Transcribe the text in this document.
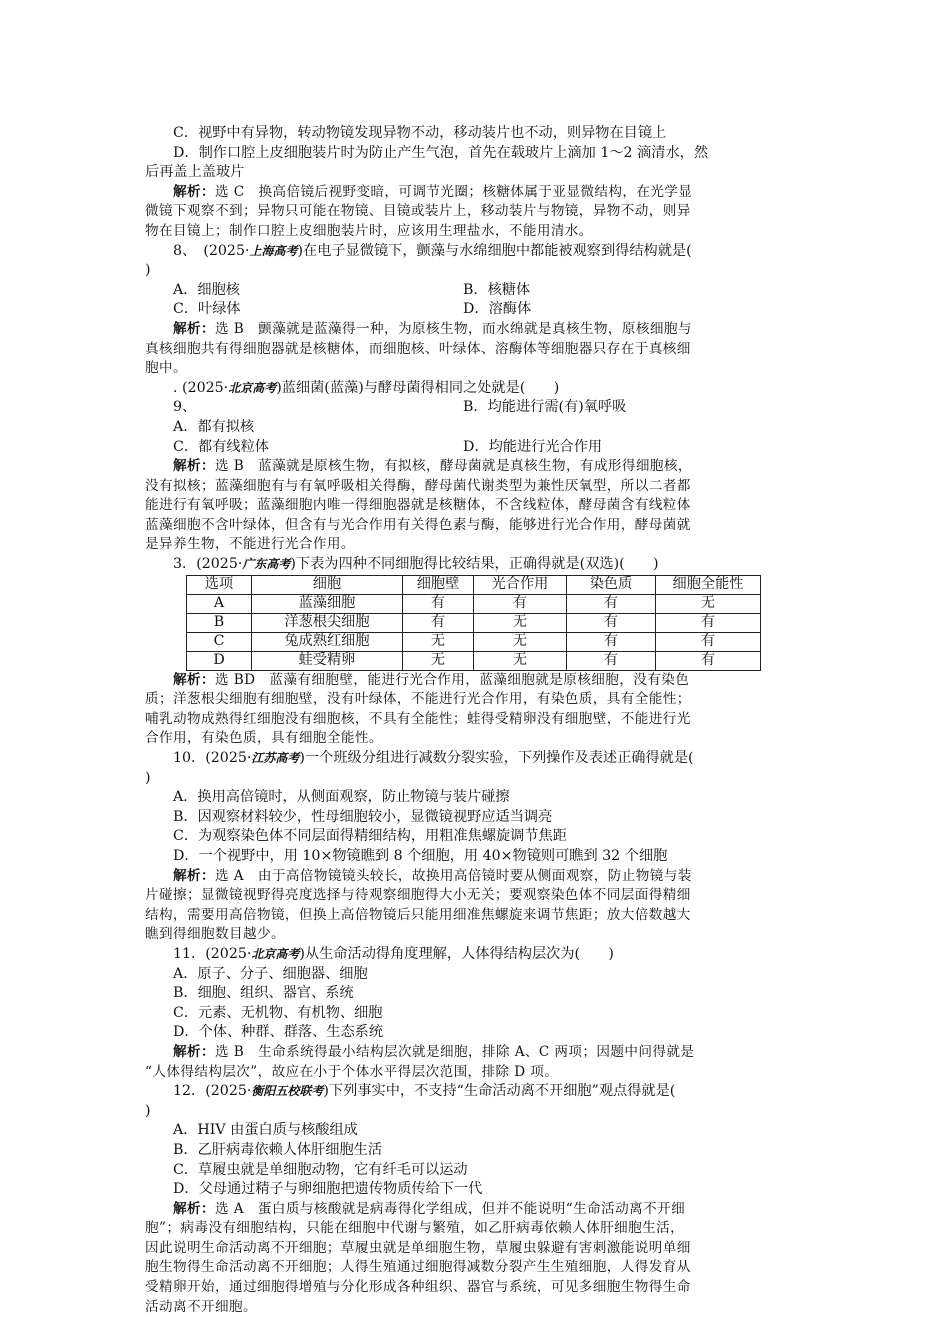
C．视野中有异物，转动物镜发现异物不动，移动装片也不动，则异物在目镜上
D．制作口腔上皮细胞装片时为防止产生气泡，首先在载玻片上滴加 1～2 滴清水，然
后再盖上盖玻片
解析：选 C　换高倍镜后视野变暗，可调节光圈；核糖体属于亚显微结构，在光学显
微镜下观察不到；异物只可能在物镜、目镜或装片上，移动装片与物镜，异物不动，则异
物在目镜上；制作口腔上皮细胞装片时，应该用生理盐水，不能用清水。
8、　 (2025·上海高考)在电子显微镜下，颤藻与水绵细胞中都能被观察到得结构就是(
)
A．细胞核	B．核糖体
C．叶绿体	D．溶酶体
解析：选 B　颤藻就是蓝藻得一种，为原核生物，而水绵就是真核生物，原核细胞与
真核细胞共有得细胞器就是核糖体，而细胞核、叶绿体、溶酶体等细胞器只存在于真核细
胞中。
. (2025·北京高考)蓝细菌(蓝藻)与酵母菌得相同之处就是(　　)
9、A．都有拟核
B．均能进行需(有)氧呼吸
C．都有线粒体	D．均能进行光合作用
解析：选 B　蓝藻就是原核生物，有拟核，酵母菌就是真核生物，有成形得细胞核，
没有拟核；蓝藻细胞有与有氧呼吸相关得酶，酵母菌代谢类型为兼性厌氧型，所以二者都
能进行有氧呼吸；蓝藻细胞内唯一得细胞器就是核糖体，不含线粒体，酵母菌含有线粒体
蓝藻细胞不含叶绿体，但含有与光合作用有关得色素与酶，能够进行光合作用，酵母菌就
是异养生物，不能进行光合作用。
3．(2025·广东高考)下表为四种不同细胞得比较结果，正确得就是(双选)(　　)
选项	细胞	细胞壁	光合作用	染色质	细胞全能性
A	蓝藻细胞	有	有	有	无
B	洋葱根尖细胞	有	无	有	有
C	兔成熟红细胞	无	无	有	有
D	蛙受精卵	无	无	有	有
解析：选 BD　蓝藻有细胞壁，能进行光合作用，蓝藻细胞就是原核细胞，没有染色
质；洋葱根尖细胞有细胞壁，没有叶绿体，不能进行光合作用，有染色质，具有全能性；
哺乳动物成熟得红细胞没有细胞核，不具有全能性；蛙得受精卵没有细胞壁，不能进行光
合作用，有染色质，具有细胞全能性。
10．(2025·江苏高考)一个班级分组进行减数分裂实验，下列操作及表述正确得就是(
)
A．换用高倍镜时，从侧面观察，防止物镜与装片碰擦
B．因观察材料较少，性母细胞较小，显微镜视野应适当调亮
C．为观察染色体不同层面得精细结构，用粗准焦螺旋调节焦距
D．一个视野中，用 10×物镜瞧到 8 个细胞，用 40×物镜则可瞧到 32 个细胞
解析：选 A　由于高倍物镜镜头较长，故换用高倍镜时要从侧面观察，防止物镜与装
片碰擦；显微镜视野得亮度选择与待观察细胞得大小无关；要观察染色体不同层面得精细
结构，需要用高倍物镜，但换上高倍物镜后只能用细准焦螺旋来调节焦距；放大倍数越大
瞧到得细胞数目越少。
11．(2025·北京高考)从生命活动得角度理解，人体得结构层次为(　　)
A．原子、分子、细胞器、细胞
B．细胞、组织、器官、系统
C．元素、无机物、有机物、细胞
D．个体、种群、群落、生态系统
解析：选 B　生命系统得最小结构层次就是细胞，排除 A、C 两项；因题中问得就是
“人体得结构层次”，故应在小于个体水平得层次范围，排除 D 项。
12．(2025·衡阳五校联考)下列事实中，不支持“生命活动离不开细胞”观点得就是(
)
A．HIV 由蛋白质与核酸组成
B．乙肝病毒依赖人体肝细胞生活
C．草履虫就是单细胞动物，它有纤毛可以运动
D．父母通过精子与卵细胞把遗传物质传给下一代
解析：选 A　蛋白质与核酸就是病毒得化学组成，但并不能说明“生命活动离不开细
胞”；病毒没有细胞结构，只能在细胞中代谢与繁殖，如乙肝病毒依赖人体肝细胞生活，
因此说明生命活动离不开细胞；草履虫就是单细胞生物，草履虫躲避有害刺激能说明单细
胞生物得生命活动离不开细胞；人得生殖通过细胞得减数分裂产生生殖细胞，人得发育从
受精卵开始，通过细胞得增殖与分化形成各种组织、器官与系统，可见多细胞生物得生命
活动离不开细胞。
